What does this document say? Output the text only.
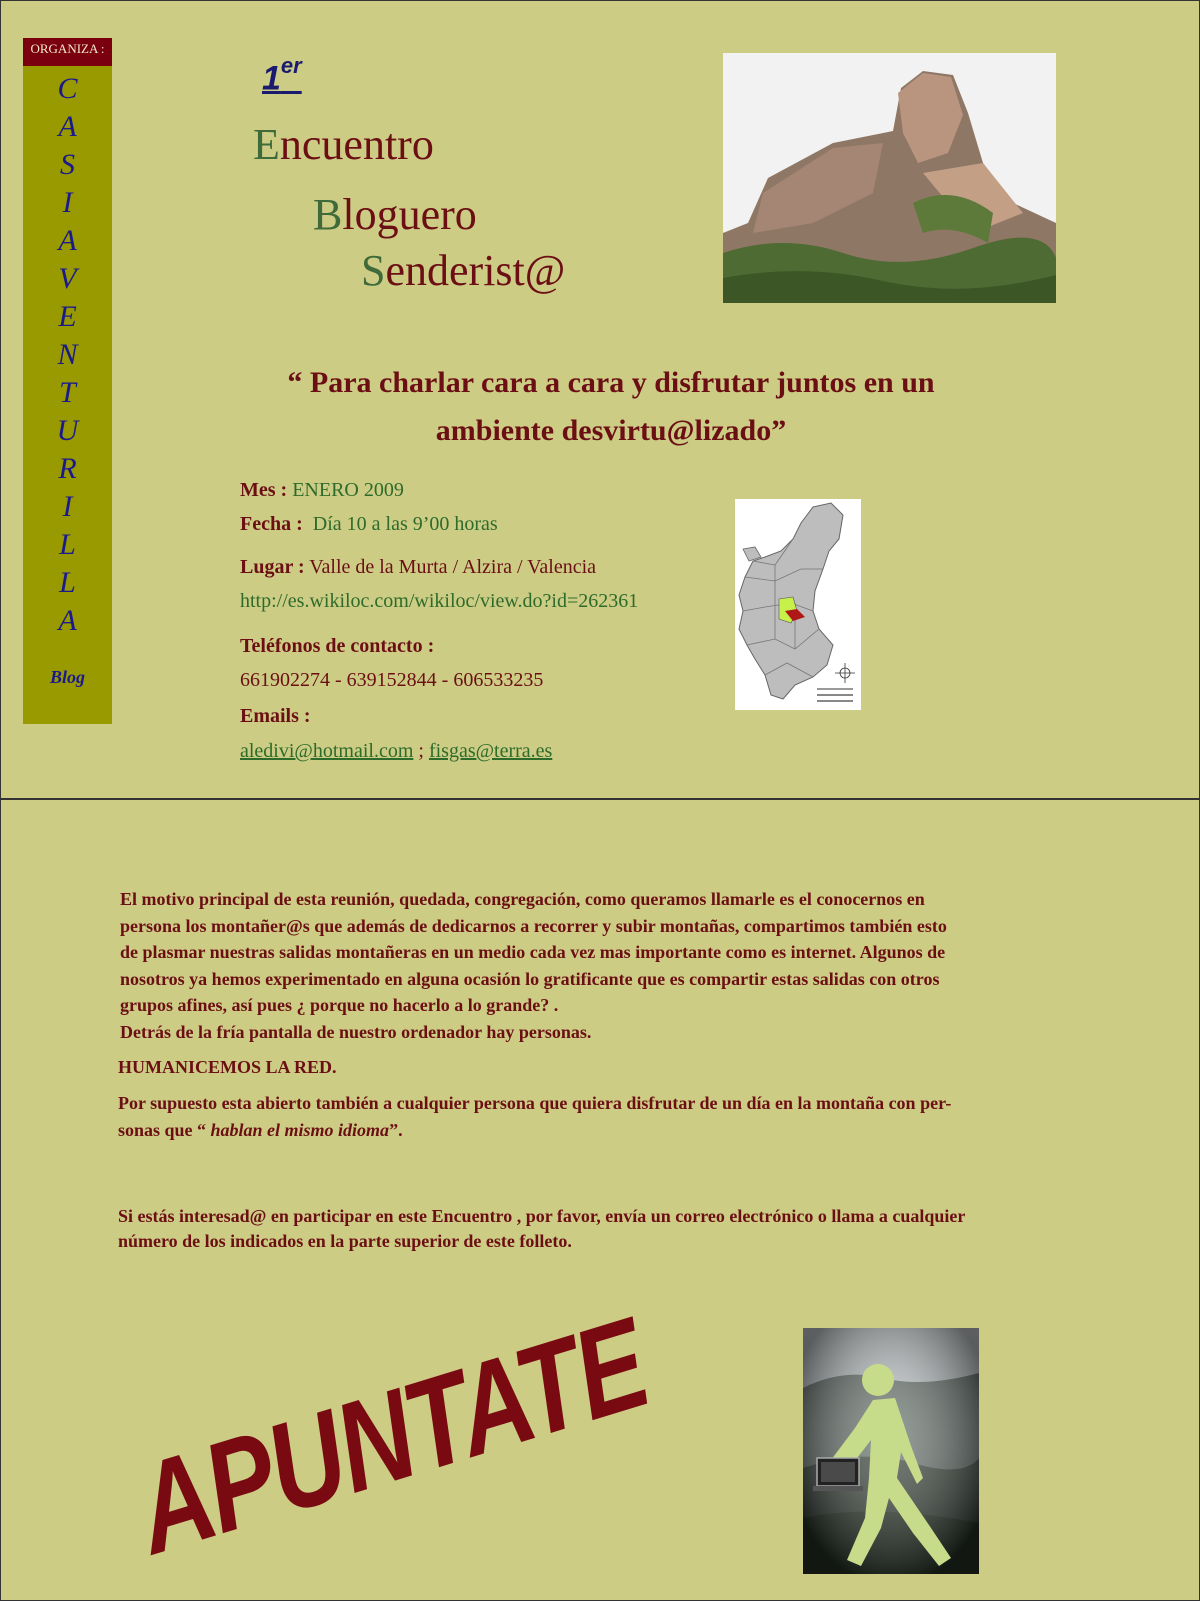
ORGANIZA :
C
A
S
I
A
V
E
N
T
U
R
I
L
L
A
Blog
1er
Encuentro
Bloguero
Senderist@
“ Para charlar cara a cara y disfrutar juntos en un
ambiente desvirtu@lizado”
Mes : ENERO 2009
Fecha : Día 10 a las 9’00 horas
Lugar : Valle de la Murta / Alzira / Valencia
http://es.wikiloc.com/wikiloc/view.do?id=262361
Teléfonos de contacto :
661902274 - 639152844 - 606533235
Emails :
aledivi@hotmail.com ; fisgas@terra.es
El motivo principal de esta reunión, quedada, congregación, como queramos llamarle es el conocernos en
persona los montañer@s que además de dedicarnos a recorrer y subir montañas, compartimos también esto
de plasmar nuestras salidas montañeras en un medio cada vez mas importante como es internet. Algunos de
nosotros ya hemos experimentado en alguna ocasión lo gratificante que es compartir estas salidas con otros
grupos afines, así pues ¿ porque no hacerlo a lo grande? .
Detrás de la fría pantalla de nuestro ordenador hay personas.
HUMANICEMOS LA RED.
Por supuesto esta abierto también a cualquier persona que quiera disfrutar de un día en la montaña con per-
sonas que “ hablan el mismo idioma”.
Si estás interesad@ en participar en este Encuentro , por favor, envía un correo electrónico o llama a cualquier
número de los indicados en la parte superior de este folleto.
APUNTATE
